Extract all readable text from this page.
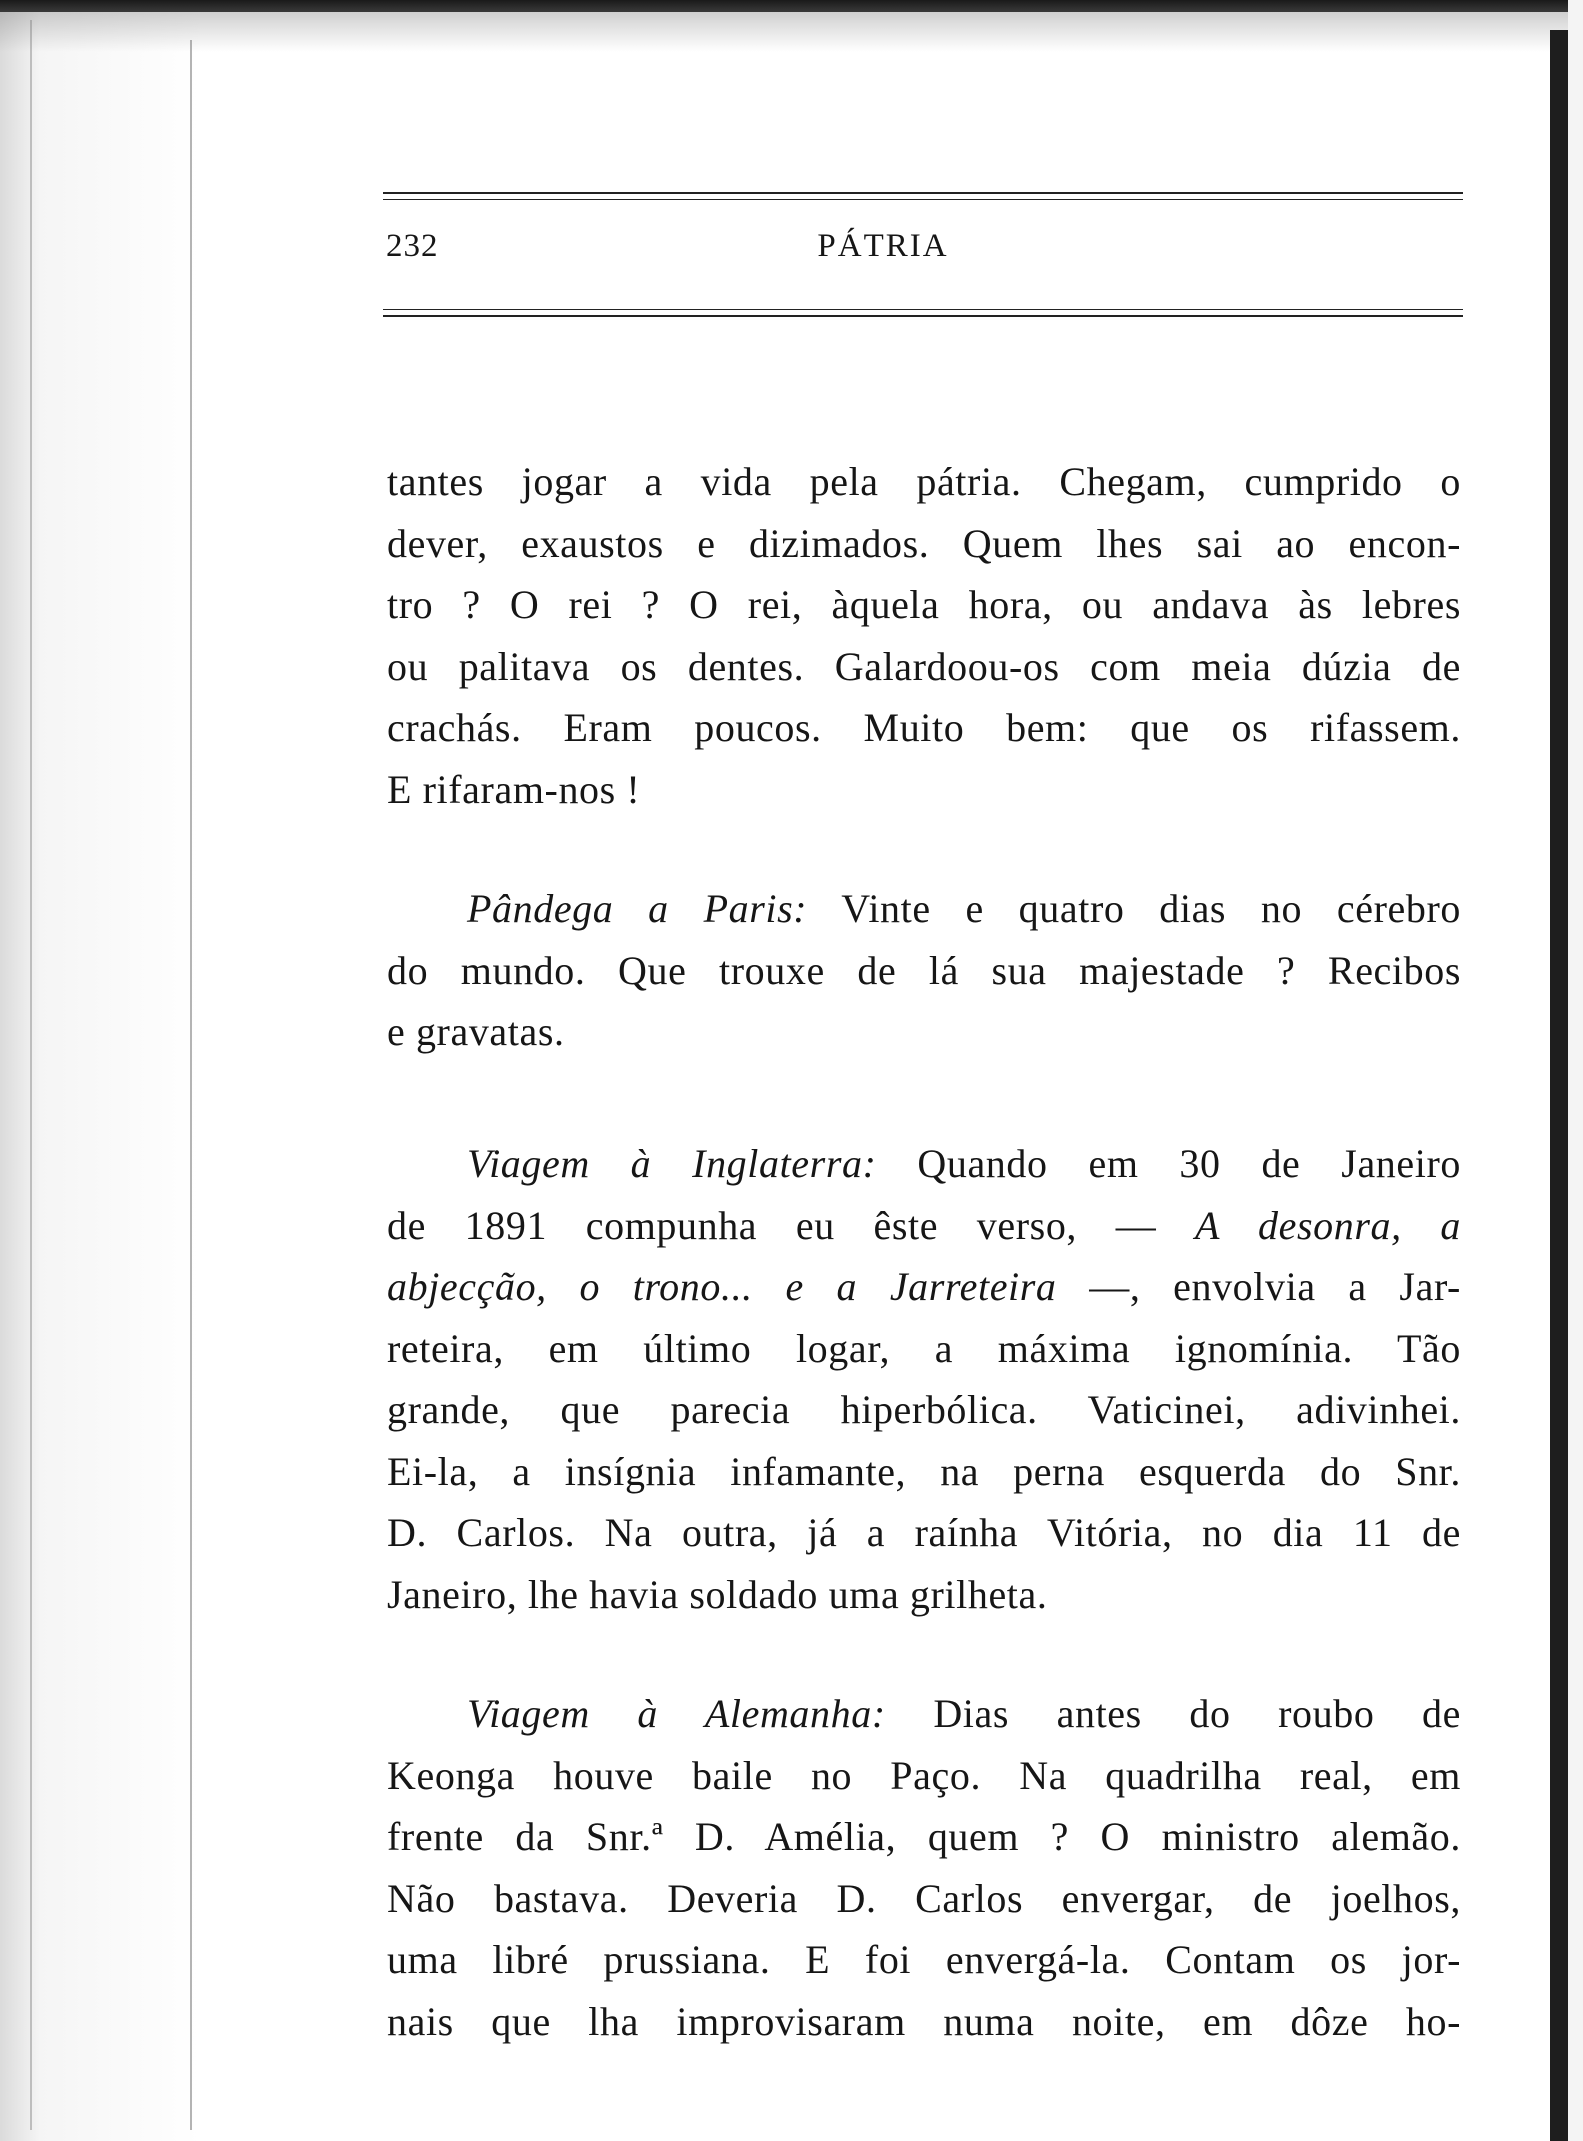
232	PÁTRIA
tantes jogar a vida pela pátria. Chegam, cumprido o
dever, exaustos e dizimados. Quem lhes sai ao encon-
tro ? O rei ? O rei, àquela hora, ou andava às lebres
ou palitava os dentes. Galardoou-os com meia dúzia de
crachás. Eram poucos. Muito bem: que os rifassem.
E rifaram-nos !
Pândega a Paris: Vinte e quatro dias no cérebro
do mundo. Que trouxe de lá sua majestade ? Recibos
e gravatas.
Viagem à Inglaterra: Quando em 30 de Janeiro
de 1891 compunha eu êste verso, — A desonra, a
abjecção, o trono... e a Jarreteira —, envolvia a Jar-
reteira, em último logar, a máxima ignomínia. Tão
grande, que parecia hiperbólica. Vaticinei, adivinhei.
Ei-la, a insígnia infamante, na perna esquerda do Snr.
D. Carlos. Na outra, já a raínha Vitória, no dia 11 de
Janeiro, lhe havia soldado uma grilheta.
Viagem à Alemanha: Dias antes do roubo de
Keonga houve baile no Paço. Na quadrilha real, em
frente da Snr.ª D. Amélia, quem ? O ministro alemão.
Não bastava. Deveria D. Carlos envergar, de joelhos,
uma libré prussiana. E foi envergá-la. Contam os jor-
nais que lha improvisaram numa noite, em dôze ho-
